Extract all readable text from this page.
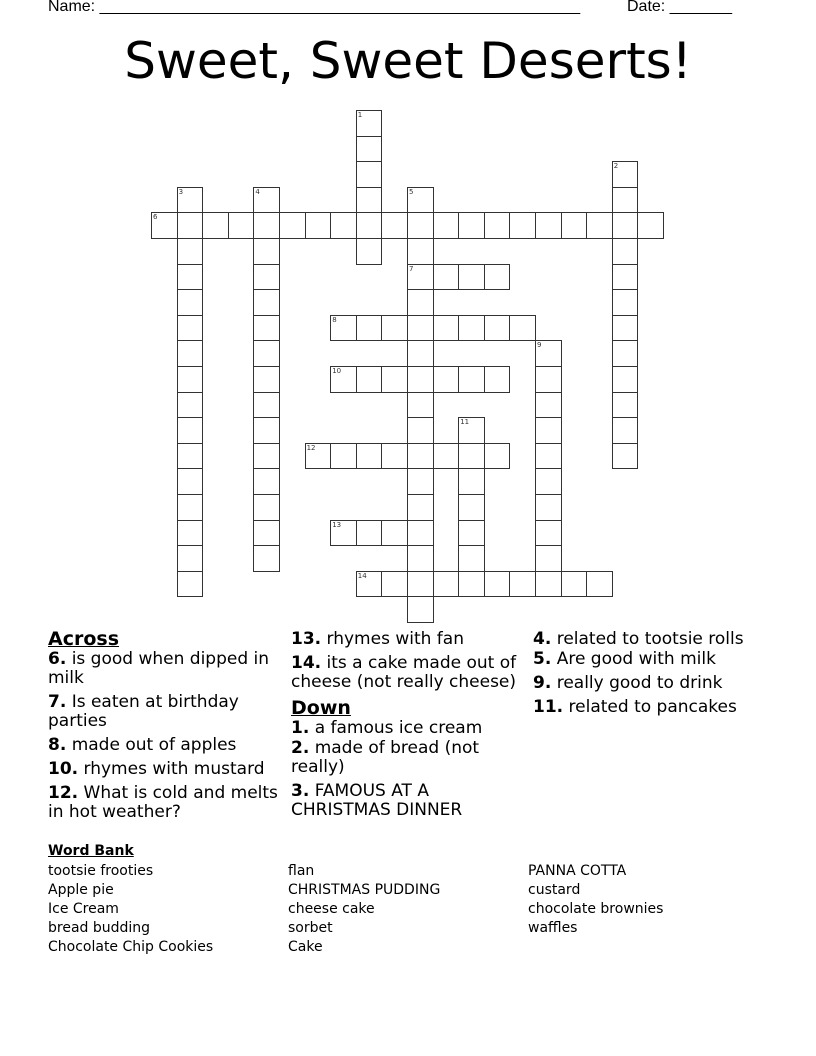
Name: ______________________________________________________	Date: _______
Sweet, Sweet Deserts!
1
2
3	4	5
7
6
8
9
10
11
12
13
14
Across
6. is good when dipped in milk
7. Is eaten at birthday parties
8. made out of apples
10. rhymes with mustard
12. What is cold and melts in hot weather?
13. rhymes with fan
14. its a cake made out of cheese (not really cheese)
Down
1. a famous ice cream
2. made of bread (not really)
3. FAMOUS AT A CHRISTMAS DINNER
4. related to tootsie rolls
5. Are good with milk
9. really good to drink
11. related to pancakes
Word Bank
tootsie frooties
Apple pie
Ice Cream
bread budding
Chocolate Chip Cookies
flan
CHRISTMAS PUDDING
cheese cake
sorbet
Cake
PANNA COTTA
custard
chocolate brownies
waffles
